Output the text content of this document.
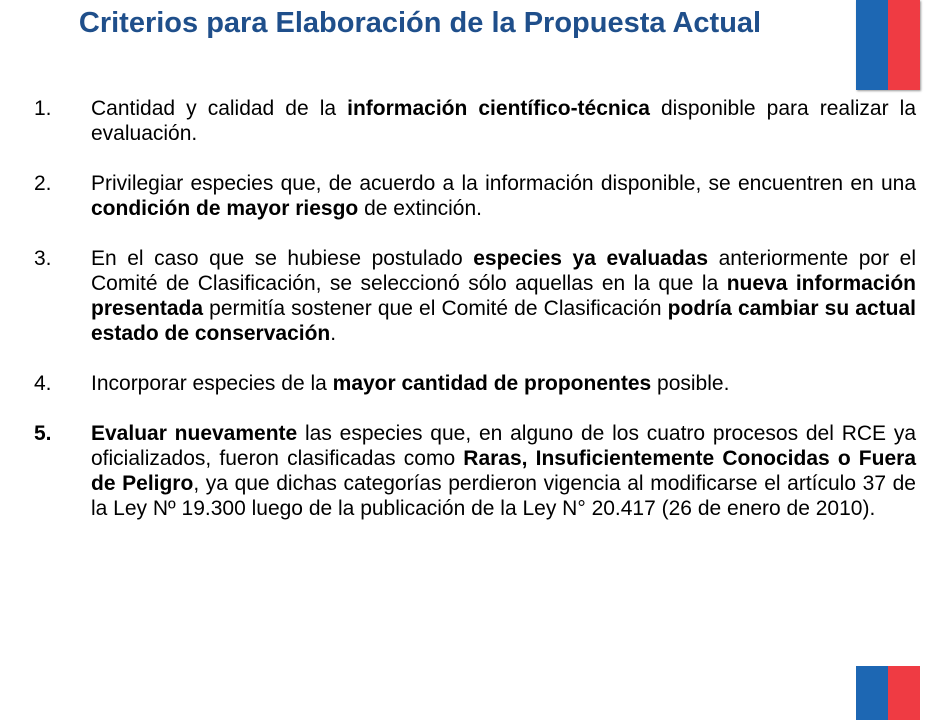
Criterios para Elaboración de la Propuesta Actual
1.	Cantidad y calidad de la información científico-técnica disponible para realizar la evaluación.
2.	Privilegiar especies que, de acuerdo a la información disponible, se encuentren en una condición de mayor riesgo de extinción.
3.	En el caso que se hubiese postulado especies ya evaluadas anteriormente por el Comité de Clasificación, se seleccionó sólo aquellas en la que la nueva información presentada permitía sostener que el Comité de Clasificación podría cambiar su actual estado de conservación.
4.	Incorporar especies de la mayor cantidad de proponentes posible.
5.	Evaluar nuevamente las especies que, en alguno de los cuatro procesos del RCE ya oficializados, fueron clasificadas como Raras, Insuficientemente Conocidas o Fuera de Peligro, ya que dichas categorías perdieron vigencia al modificarse el artículo 37 de la Ley Nº 19.300 luego de la publicación de la Ley N° 20.417 (26 de enero de 2010).
